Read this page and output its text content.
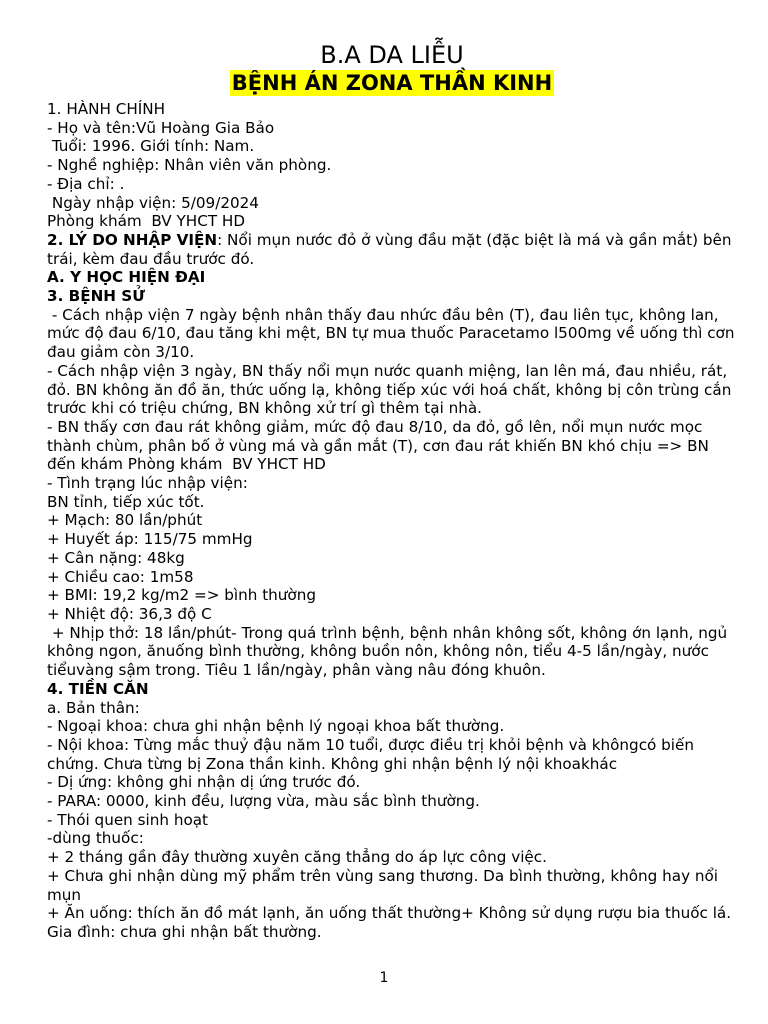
B.A DA LIỄU
BỆNH ÁN ZONA THẦN KINH
1. HÀNH CHÍNH
- Họ và tên:Vũ Hoàng Gia Bảo
Tuổi: 1996. Giới tính: Nam.
- Nghề nghiệp: Nhân viên văn phòng.
- Địa chỉ: .
Ngày nhập viện: 5/09/2024
Phòng khám  BV YHCT HD
2. LÝ DO NHẬP VIỆN: Nổi mụn nước đỏ ở vùng đầu mặt (đặc biệt là má và gần mắt) bên trái, kèm đau đầu trước đó.
A. Y HỌC HIỆN ĐẠI
3. BỆNH SỬ
- Cách nhập viện 7 ngày bệnh nhân thấy đau nhức đầu bên (T), đau liên tục, không lan, mức độ đau 6/10, đau tăng khi mệt, BN tự mua thuốc Paracetamo l500mg về uống thì cơn đau giảm còn 3/10.
- Cách nhập viện 3 ngày, BN thấy nổi mụn nước quanh miệng, lan lên má, đau nhiều, rát, đỏ. BN không ăn đồ ăn, thức uống lạ, không tiếp xúc với hoá chất, không bị côn trùng cắn trước khi có triệu chứng, BN không xử trí gì thêm tại nhà.
- BN thấy cơn đau rát không giảm, mức độ đau 8/10, da đỏ, gồ lên, nổi mụn nước mọc thành chùm, phân bố ở vùng má và gần mắt (T), cơn đau rát khiến BN khó chịu => BN đến khám Phòng khám  BV YHCT HD
- Tình trạng lúc nhập viện:
BN tỉnh, tiếp xúc tốt.
+ Mạch: 80 lần/phút
+ Huyết áp: 115/75 mmHg
+ Cân nặng: 48kg
+ Chiều cao: 1m58
+ BMI: 19,2 kg/m2 => bình thường
+ Nhiệt độ: 36,3 độ C
+ Nhịp thở: 18 lần/phút- Trong quá trình bệnh, bệnh nhân không sốt, không ớn lạnh, ngủ không ngon, ănuống bình thường, không buồn nôn, không nôn, tiểu 4-5 lần/ngày, nước tiểuvàng sậm trong. Tiêu 1 lần/ngày, phân vàng nâu đóng khuôn.
4. TIỀN CĂN
a. Bản thân:
- Ngoại khoa: chưa ghi nhận bệnh lý ngoại khoa bất thường.
- Nội khoa: Từng mắc thuỷ đậu năm 10 tuổi, được điều trị khỏi bệnh và khôngcó biến chứng. Chưa từng bị Zona thần kinh. Không ghi nhận bệnh lý nội khoakhác
- Dị ứng: không ghi nhận dị ứng trước đó.
- PARA: 0000, kinh đều, lượng vừa, màu sắc bình thường.
- Thói quen sinh hoạt
-dùng thuốc:
+ 2 tháng gần đây thường xuyên căng thẳng do áp lực công việc.
+ Chưa ghi nhận dùng mỹ phẩm trên vùng sang thương. Da bình thường, không hay nổi mụn
+ Ăn uống: thích ăn đồ mát lạnh, ăn uống thất thường+ Không sử dụng rượu bia thuốc lá. Gia đình: chưa ghi nhận bất thường.
1
